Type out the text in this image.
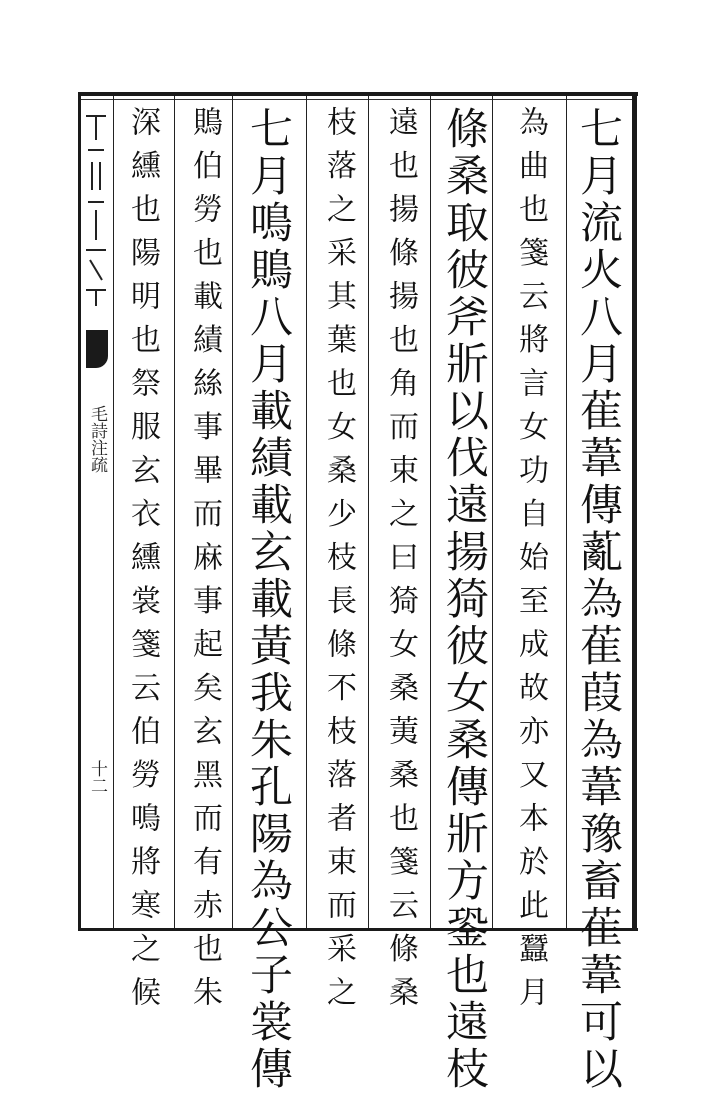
毛詩注疏
十二	七月流火八月萑葦傳薍為萑葭為葦豫畜萑葦可以
為曲也箋云將言女功自始至成故亦又本於此蠶月
條桑取彼斧斨以伐遠揚猗彼女桑傳斨方銎也遠枝
遠也揚條揚也角而束之曰猗女桑荑桑也箋云條桑
枝落之采其葉也女桑少枝長條不枝落者束而采之
七月鳴鵙八月載績載玄載黃我朱孔陽為公子裳傳
鵙伯勞也載績絲事畢而麻事起矣玄黑而有赤也朱
深纁也陽明也祭服玄衣纁裳箋云伯勞鳴將寒之候
